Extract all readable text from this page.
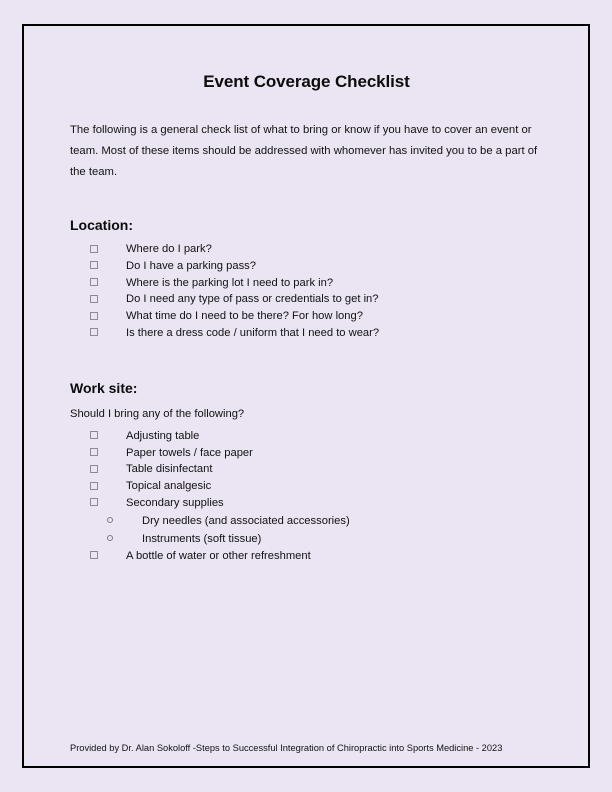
Event Coverage Checklist

The following is a general check list of what to bring or know if you have to cover an event or team. Most of these items should be addressed with whomever has invited you to be a part of the team.

Location:
Where do I park?
Do I have a parking pass?
Where is the parking lot I need to park in?
Do I need any type of pass or credentials to get in?
What time do I need to be there? For how long?
Is there a dress code / uniform that I need to wear?
Work site:

Should I bring any of the following?

Adjusting table
Paper towels / face paper
Table disinfectant
Topical analgesic
Secondary supplies
Dry needles (and associated accessories)
Instruments (soft tissue)
A bottle of water or other refreshment

Provided by Dr. Alan Sokoloff -Steps to Successful Integration of Chiropractic into Sports Medicine - 2023
